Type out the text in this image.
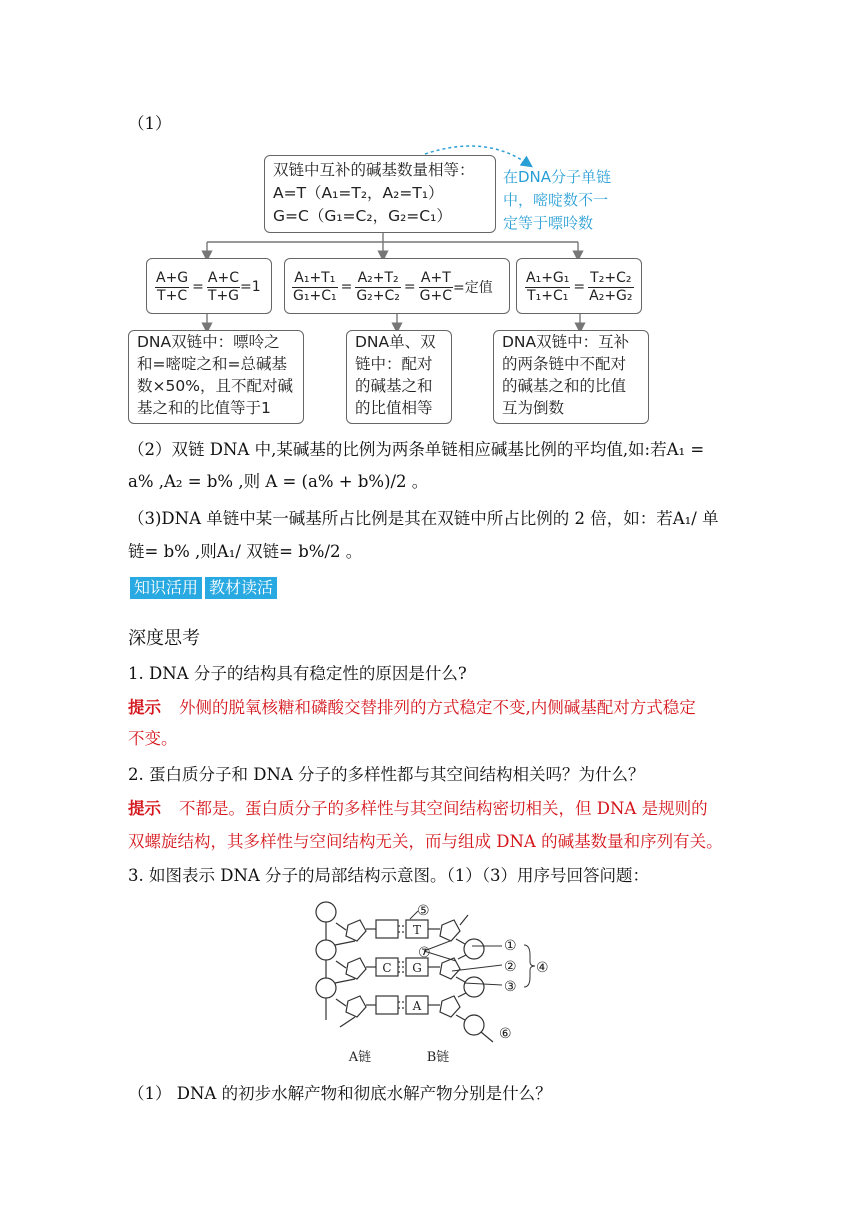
（1）
双链中互补的碱基数量相等：
A=T（A₁=T₂，A₂=T₁）
G=C（G₁=C₂，G₂=C₁）
在DNA分子单链
中，嘧啶数不一
定等于嘌呤数
$\frac{A+G}{T+C} = \frac{A+C}{T+G} =1 \frac{\text{A₁+T₁}}{\text{G₁+C₁}} = \frac{\text{A₂+T₂}}{\text{G₂+C₂}} = \frac{A+T}{G+C}$ =定值 $\frac{\text{A₁+G₁}}{\text{T₁+C₁}} = \frac{\text{T₂+C₂}}{\text{A₂+G₂}}$
DNA双链中：嘌呤之
和=嘧啶之和=总碱基
数×50%，且不配对碱
基之和的比值等于1
DNA单、双
链中：配对
的碱基之和
的比值相等
DNA双链中：互补
的两条链中不配对
的碱基之和的比值
互为倒数
（2）双链 DNA 中,某碱基的比例为两条单链相应碱基比例的平均值,如:若A₁ =
a% ,A₂ = b% ,则 A = (a% + b%)/2 。
（3)DNA 单链中某一碱基所占比例是其在双链中所占比例的 2 倍，如：若A₁/ 单
链= b% ,则A₁/ 双链= b%/2 。
知识活用 教材读活
深度思考
1. DNA 分子的结构具有稳定性的原因是什么?
提示 外侧的脱氧核糖和磷酸交替排列的方式稳定不变,内侧碱基配对方式稳定
不变。
2. 蛋白质分子和 DNA 分子的多样性都与其空间结构相关吗？为什么？
提示 不都是。蛋白质分子的多样性与其空间结构密切相关，但 DNA 是规则的
双螺旋结构，其多样性与空间结构无关，而与组成 DNA 的碱基数量和序列有关。
3. 如图表示 DNA 分子的局部结构示意图。（1）（3）用序号回答问题：
T
C G
A
⑤
⑦	①
②
③
④
⑥
A链	B链
（1） DNA 的初步水解产物和彻底水解产物分别是什么？
